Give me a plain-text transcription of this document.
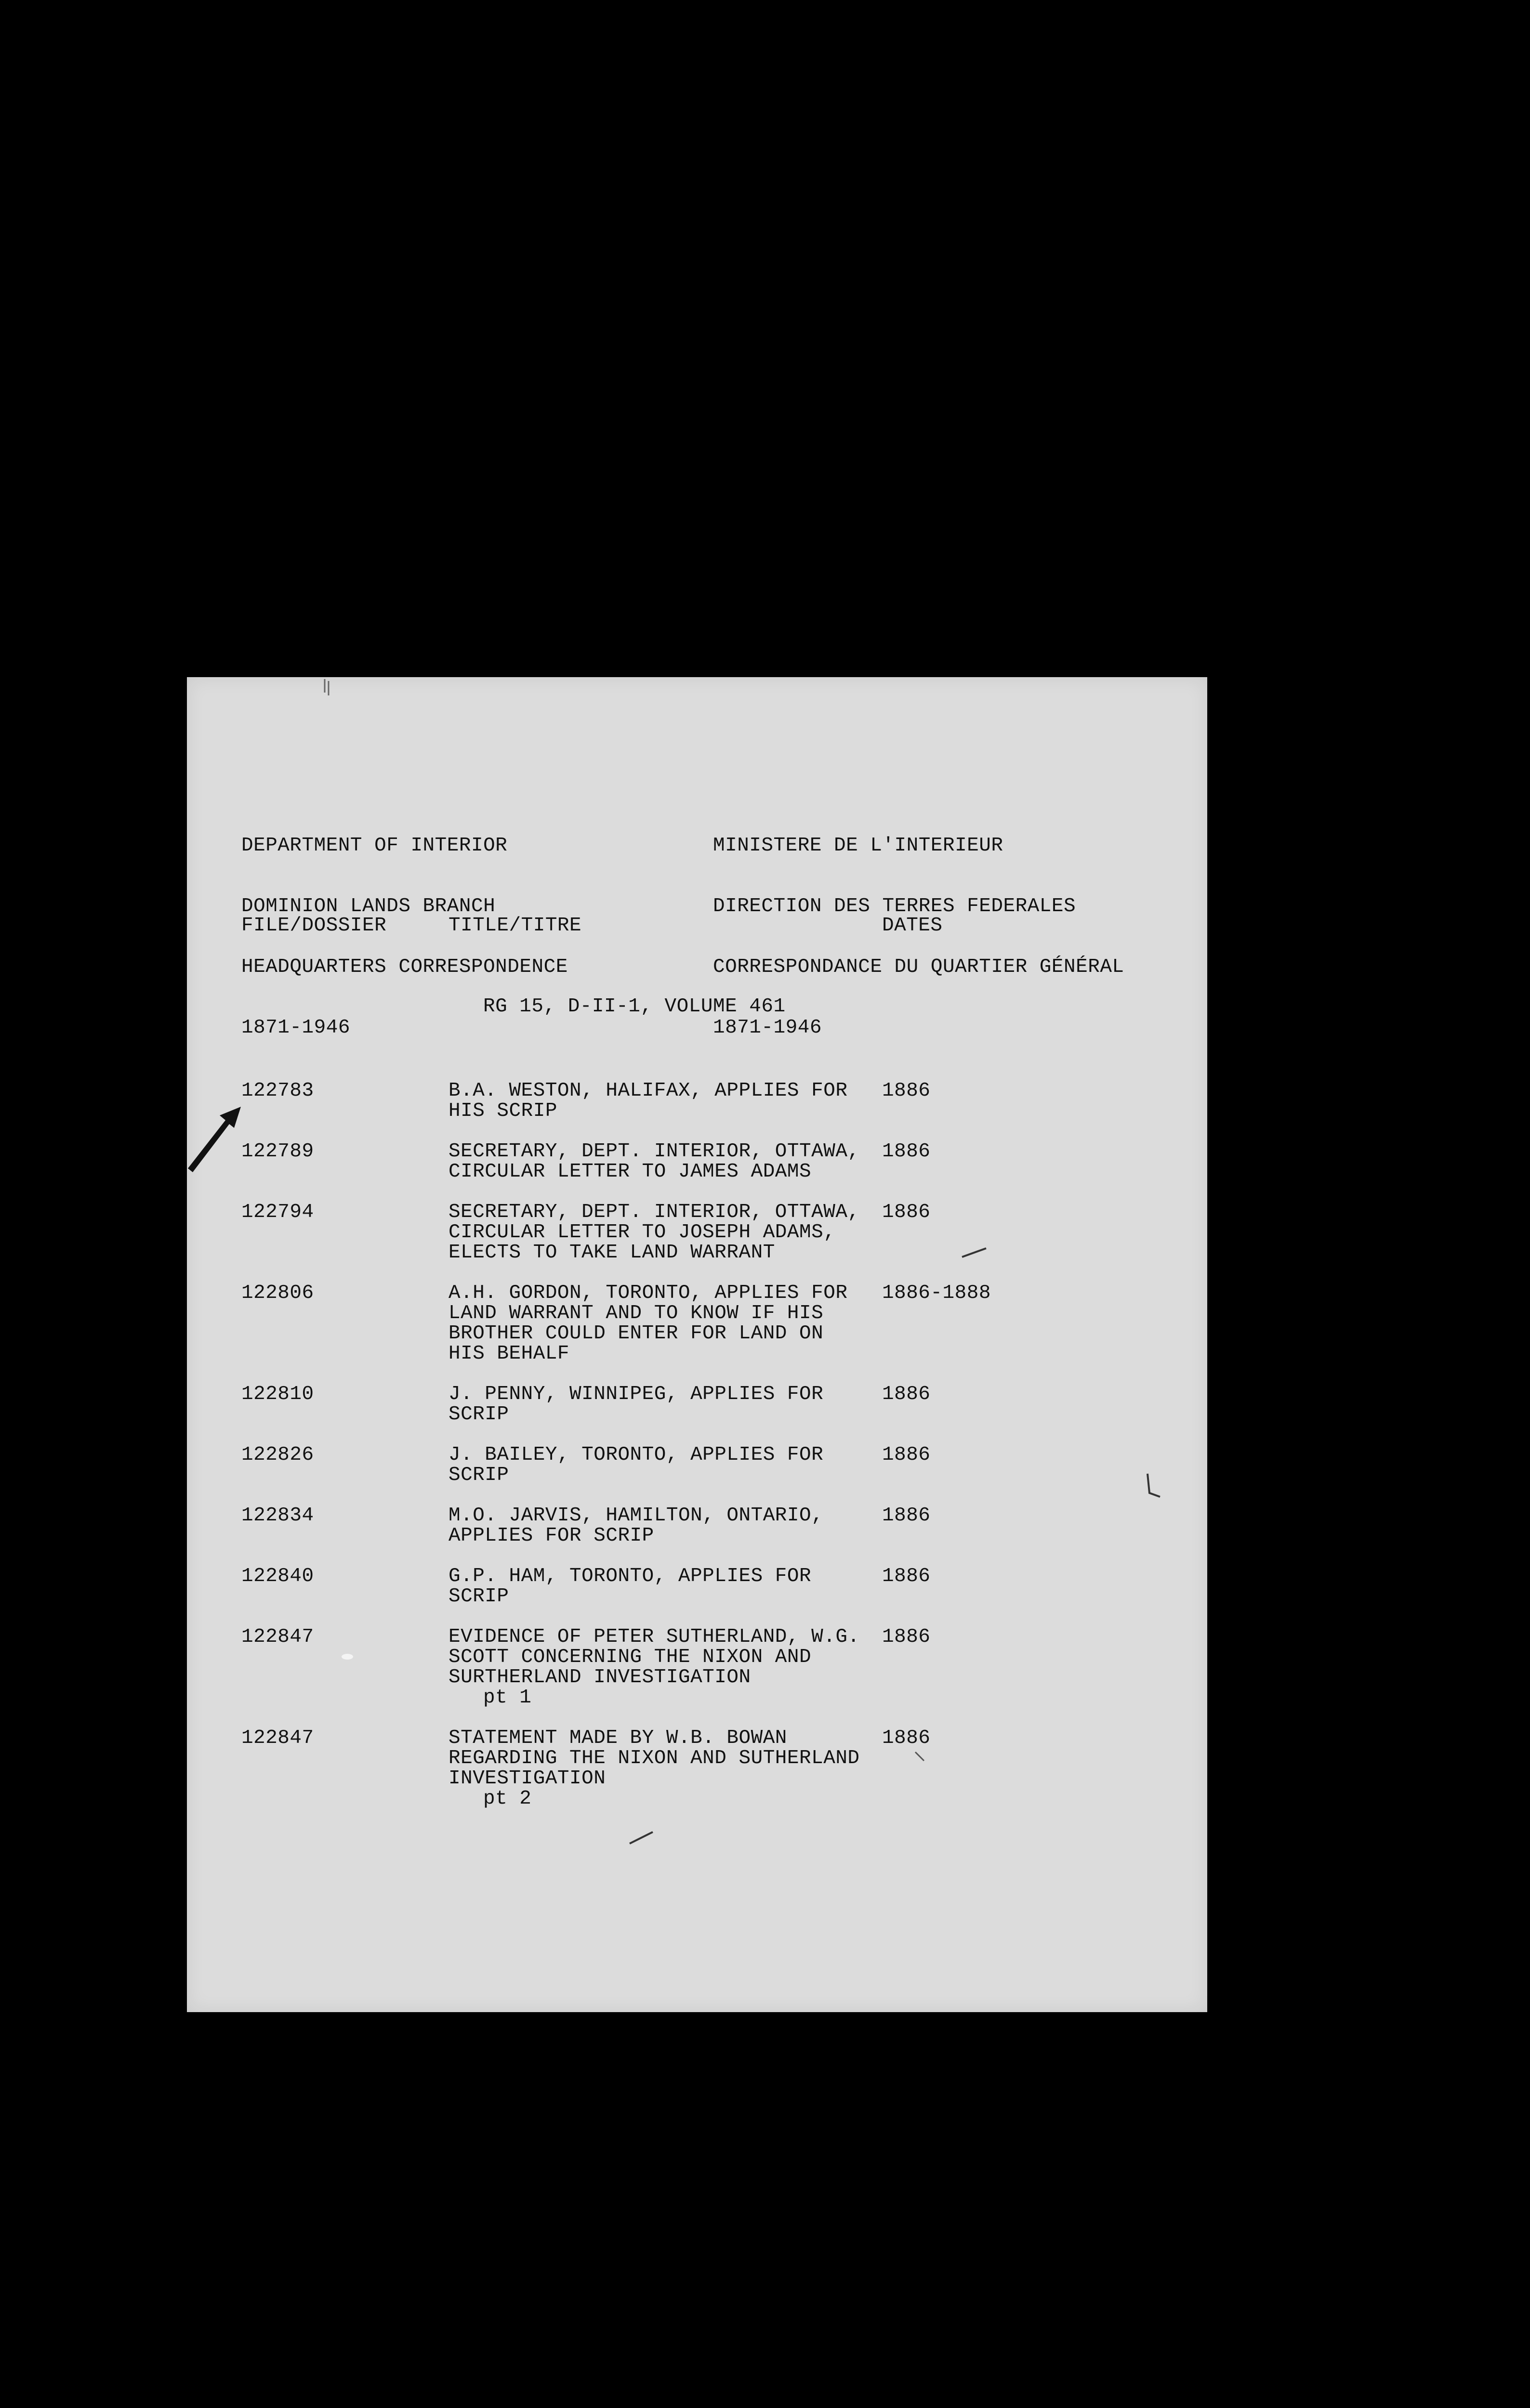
DEPARTMENT OF INTERIOR

DOMINION LANDS BRANCH

HEADQUARTERS CORRESPONDENCE

1871-1946

MINISTERE DE L'INTERIEUR

DIRECTION DES TERRES FEDERALES

CORRESPONDANCE DU QUARTIER GÉNÉRAL

1871-1946

FILE/DOSSIER	TITLE/TITRE	DATES
RG 15, D-II-1, VOLUME 461
122783	B.A. WESTON, HALIFAX, APPLIES FOR
HIS SCRIP
1886
122789	SECRETARY, DEPT. INTERIOR, OTTAWA,
CIRCULAR LETTER TO JAMES ADAMS
1886
122794	SECRETARY, DEPT. INTERIOR, OTTAWA,
CIRCULAR LETTER TO JOSEPH ADAMS,
ELECTS TO TAKE LAND WARRANT
1886
122806	A.H. GORDON, TORONTO, APPLIES FOR
LAND WARRANT AND TO KNOW IF HIS
BROTHER COULD ENTER FOR LAND ON
HIS BEHALF
1886-1888
122810	J. PENNY, WINNIPEG, APPLIES FOR
SCRIP
1886
122826	J. BAILEY, TORONTO, APPLIES FOR
SCRIP
1886
122834	M.O. JARVIS, HAMILTON, ONTARIO,
APPLIES FOR SCRIP
1886
122840	G.P. HAM, TORONTO, APPLIES FOR
SCRIP
1886
122847	EVIDENCE OF PETER SUTHERLAND, W.G.
SCOTT CONCERNING THE NIXON AND
SURTHERLAND INVESTIGATION
pt 1
1886
122847	STATEMENT MADE BY W.B. BOWAN
REGARDING THE NIXON AND SUTHERLAND
INVESTIGATION
pt 2
1886
